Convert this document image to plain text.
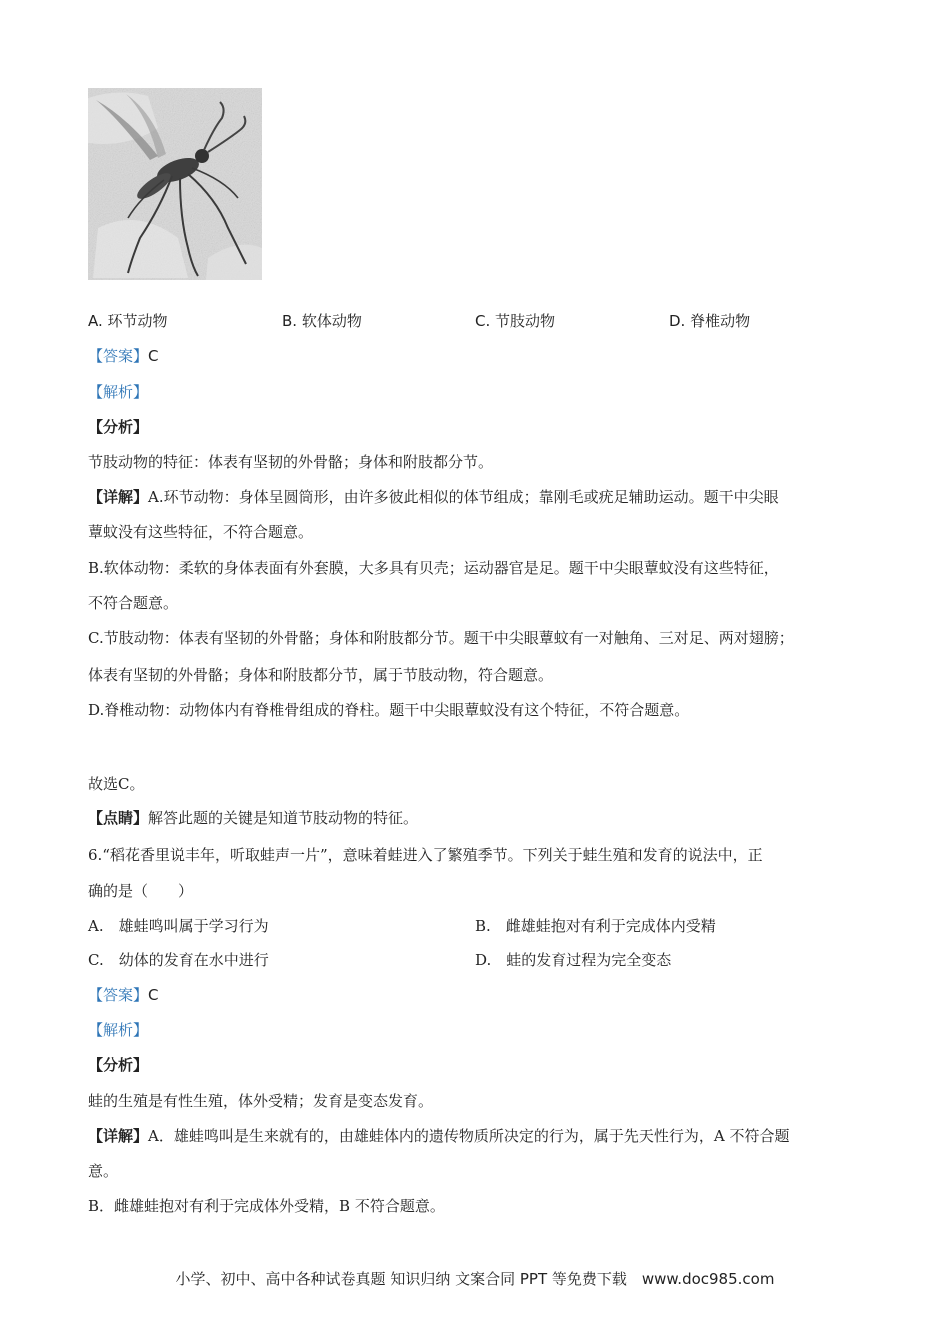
A. 环节动物	B. 软体动物	C. 节肢动物	D. 脊椎动物
【答案】C
【解析】
【分析】
节肢动物的特征：体表有坚韧的外骨骼；身体和附肢都分节。
【详解】A.环节动物：身体呈圆筒形，由许多彼此相似的体节组成；靠刚毛或疣足辅助运动。题干中尖眼
蕈蚊没有这些特征，不符合题意。
B.软体动物：柔软的身体表面有外套膜，大多具有贝壳；运动器官是足。题干中尖眼蕈蚊没有这些特征，
不符合题意。
C.节肢动物：体表有坚韧的外骨骼；身体和附肢都分节。题干中尖眼蕈蚊有一对触角、三对足、两对翅膀；
体表有坚韧的外骨骼；身体和附肢都分节，属于节肢动物，符合题意。
D.脊椎动物：动物体内有脊椎骨组成的脊柱。题干中尖眼蕈蚊没有这个特征，不符合题意。
故选C。
【点睛】解答此题的关键是知道节肢动物的特征。
6.“稻花香里说丰年，听取蛙声一片”，意味着蛙进入了繁殖季节。下列关于蛙生殖和发育的说法中，正
确的是（　　）
A.　雄蛙鸣叫属于学习行为	B.　雌雄蛙抱对有利于完成体内受精
C.　幼体的发育在水中进行	D.　蛙的发育过程为完全变态
【答案】C
【解析】
【分析】
蛙的生殖是有性生殖，体外受精；发育是变态发育。
【详解】A．雄蛙鸣叫是生来就有的，由雄蛙体内的遗传物质所决定的行为，属于先天性行为，A 不符合题
意。
B．雌雄蛙抱对有利于完成体外受精，B 不符合题意。
小学、初中、高中各种试卷真题 知识归纳 文案合同 PPT 等免费下载　www.doc985.com
